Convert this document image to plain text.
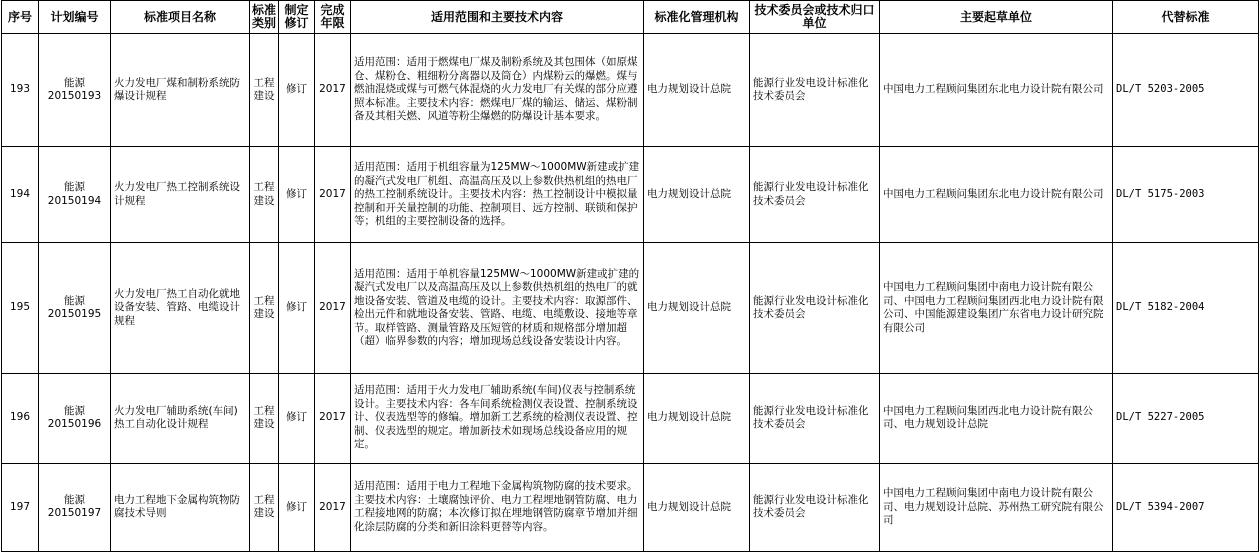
序号	计划编号	标准项目名称	标准类别	制定修订	完成年限	适用范围和主要技术内容	标准化管理机构	技术委员会或技术归口单位	主要起草单位	代替标准
193	能源20150193	火力发电厂煤和制粉系统防爆设计规程	工程建设	修订	2017	适用范围：适用于燃煤电厂煤及制粉系统及其包围体（如原煤仓、煤粉仓、粗细粉分离器以及筒仓）内煤粉云的爆燃。煤与燃油混烧或煤与可燃气体混烧的火力发电厂有关煤的部分应遵照本标准。主要技术内容：燃煤电厂煤的输运、储运、煤粉制备及其相关燃、风道等粉尘爆燃的防爆设计基本要求。	电力规划设计总院	能源行业发电设计标准化技术委员会	中国电力工程顾问集团东北电力设计院有限公司	DL/T 5203-2005
194	能源20150194	火力发电厂热工控制系统设计规程	工程建设	修订	2017	适用范围：适用于机组容量为125MW～1000MW新建或扩建的凝汽式发电厂机组、高温高压及以上参数供热机组的热电厂的热工控制系统设计。主要技术内容：热工控制设计中模拟量控制和开关量控制的功能、控制项目、远方控制、联锁和保护等；机组的主要控制设备的选择。	电力规划设计总院	能源行业发电设计标准化技术委员会	中国电力工程顾问集团东北电力设计院有限公司	DL/T 5175-2003
195	能源20150195	火力发电厂热工自动化就地设备安装、管路、电缆设计规程	工程建设	修订	2017	适用范围：适用于单机容量125MW～1000MW新建或扩建的凝汽式发电厂以及高温高压及以上参数供热机组的热电厂的就地设备安装、管道及电缆的设计。主要技术内容：取源部件、检出元件和就地设备安装、管路、电缆、电缆敷设、接地等章节。取样管路、测量管路及压短管的材质和规格部分增加超（超）临界参数的内容；增加现场总线设备安装设计内容。	电力规划设计总院	能源行业发电设计标准化技术委员会	中国电力工程顾问集团中南电力设计院有限公司、中国电力工程顾问集团西北电力设计院有限公司、中国能源建设集团广东省电力设计研究院有限公司	DL/T 5182-2004
196	能源20150196	火力发电厂辅助系统(车间)热工自动化设计规程	工程建设	修订	2017	适用范围：适用于火力发电厂辅助系统(车间)仪表与控制系统设计。主要技术内容：各车间系统检测仪表设置、控制系统设计、仪表选型等的修编。增加新工艺系统的检测仪表设置、控制、仪表选型的规定。增加新技术如现场总线设备应用的规定。	电力规划设计总院	能源行业发电设计标准化技术委员会	中国电力工程顾问集团西北电力设计院有限公司、电力规划设计总院	DL/T 5227-2005
197	能源20150197	电力工程地下金属构筑物防腐技术导则	工程建设	修订	2017	适用范围：适用于电力工程地下金属构筑物防腐的技术要求。主要技术内容：土壤腐蚀评价、电力工程埋地钢管防腐、电力工程接地网的防腐；本次修订拟在埋地钢管防腐章节增加并细化涂层防腐的分类和新旧涂料更替等内容。	电力规划设计总院	能源行业发电设计标准化技术委员会	中国电力工程顾问集团中南电力设计院有限公司、电力规划设计总院、苏州热工研究院有限公司	DL/T 5394-2007
